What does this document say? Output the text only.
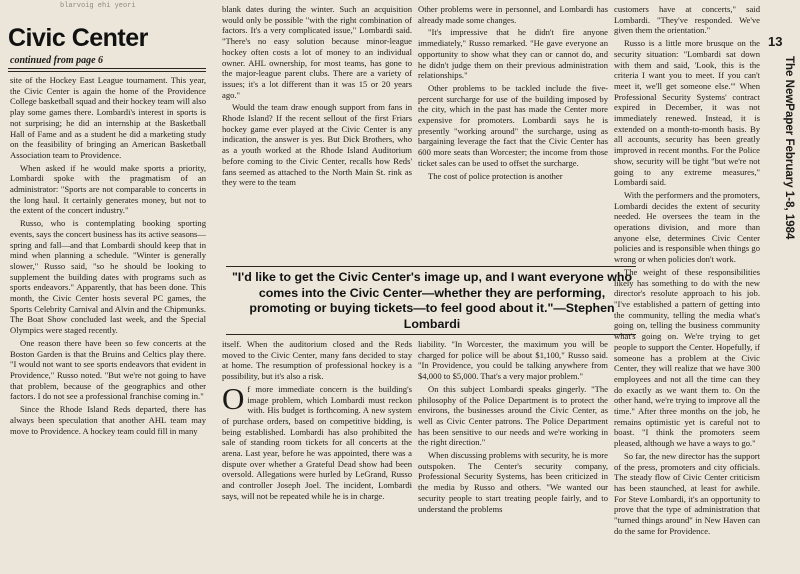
blarvoig ehi yeori
Civic Center
continued from page 6

site of the Hockey East League tournament. This year, the Civic Center is again the home of the Providence College basketball squad and their hockey team will also play some games there. Lombardi's interest in sports is not surprising; he did an internship at the Basketball Hall of Fame and as a student he did a marketing study on the feasibility of bringing an American Basketball Association team to Providence.

When asked if he would make sports a priority, Lombardi spoke with the pragmatism of an administrator: "Sports are not comparable to concerts in the long haul. It certainly generates money, but not to the extent of the concert industry."

Russo, who is contemplating booking sporting events, says the concert business has its active seasons—spring and fall—and that Lombardi should keep that in mind when planning a schedule. "Winter is generally slower," Russo said, "so he should be looking to supplement the building dates with programs such as sports endeavors." Apparently, that has been done. This month, the Civic Center hosts several PC games, the Sports Celebrity Carnival and Alvin and the Chipmunks. The Boat Show concluded last week, and the Special Olympics were staged recently.

One reason there have been so few concerts at the Boston Garden is that the Bruins and Celtics play there. "I would not want to see sports endeavors that evident in Providence," Russo noted. "But we're not going to have that problem, because of the geographics and other factors. I do not see a professional franchise coming in."

Since the Rhode Island Reds departed, there has always been speculation that another AHL team may move to Providence. A hockey team could fill in many

blank dates during the winter. Such an acquisition would only be possible "with the right combination of factors. It's a very complicated issue," Lombardi said. "There's no easy solution because minor-league hockey often costs a lot of money to an individual owner. AHL ownership, for most teams, has gone to the major-league parent clubs. There are a variety of issues; it's a lot different than it was 15 or 20 years ago."

Would the team draw enough support from fans in Rhode Island? If the recent sellout of the first Friars hockey game ever played at the Civic Center is any indication, the answer is yes. But Dick Brothers, who as a youth worked at the Rhode Island Auditorium before coming to the Civic Center, recalls how Reds' fans seemed as attached to the North Main St. rink as they were to the team

Other problems were in personnel, and Lombardi has already made some changes.

"It's impressive that he didn't fire anyone immediately," Russo remarked. "He gave everyone an opportunity to show what they can or cannot do, and he didn't judge them on their previous administration relationships."

Other problems to be tackled include the five-percent surcharge for use of the building imposed by the city, which in the past has made the Center more expensive for promoters. Lombardi says he is presently "working around" the surcharge, using as bargaining leverage the fact that the Civic Center has 600 more seats than Worcester; the income from those ticket sales can be used to offset the surcharge.

The cost of police protection is another

"I'd like to get the Civic Center's image up, and I want everyone who comes into the Civic Center—whether they are performing, promoting or buying tickets—to feel good about it."—Stephen Lombardi

itself. When the auditorium closed and the Reds moved to the Civic Center, many fans decided to stay at home. The resumption of professional hockey is a possibility, but it's also a risk.

Of more immediate concern is the building's image problem, which Lombardi must reckon with. His budget is forthcoming. A new system of purchase orders, based on competitive bidding, is being established. Lombardi has also prohibited the sale of standing room tickets for all concerts at the arena. Last year, before he was appointed, there was a dispute over whether a Grateful Dead show had been oversold. Allegations were hurled by LeGrand, Russo and controller Joseph Joel. The incident, Lombardi says, will not be repeated while he is in charge.

liability. "In Worcester, the maximum you will be charged for police will be about $1,100," Russo said. "In Providence, you could be talking anywhere from $4,000 to $5,000. That's a very major problem."

On this subject Lombardi speaks gingerly. "The philosophy of the Police Department is to protect the environs, the businesses around the Civic Center, as well as Civic Center patrons. The Police Department has been sensitive to our needs and we're working in the right direction."

When discussing problems with security, he is more outspoken. The Center's security company, Professional Security Systems, has been criticized in the media by Russo and others. "We wanted our security people to start treating people fairly, and to understand the problems

customers have at concerts," said Lombardi. "They've responded. We've given them the orientation."

Russo is a little more brusque on the security situation: "Lombardi sat down with them and said, 'Look, this is the criteria I want you to meet. If you can't meet it, we'll get someone else.'" When Professional Security Systems' contract expired in December, it was not immediately renewed. Instead, it is extended on a month-to-month basis. By all accounts, security has been greatly improved in recent months. For the Police show, security will be tight "but we're not going to any extreme measures," Lombardi said.

With the performers and the promoters, Lombardi decides the extent of security needed. He oversees the team in the operations division, and more than anyone else, determines Civic Center policies and is responsible when things go wrong or when policies don't work.

The weight of these responsibilities likely has something to do with the new director's resolute approach to his job. "I've established a pattern of getting into the community, telling the media what's going on, telling the business community what's going on. We're trying to get people to support the Center. Hopefully, if someone has a problem at the Civic Center, they will realize that we have 300 employees and not all the time can they do exactly as we want them to. On the other hand, we're trying to improve all the time." After three months on the job, he remains optimistic yet is careful not to boast. "I think the promoters seem pleased, although we have a ways to go."

So far, the new director has the support of the press, promoters and city officials. The steady flow of Civic Center criticism has been staunched, at least for awhile. For Steve Lombardi, it's an opportunity to prove that the type of administration that "turned things around" in New Haven can do the same for Providence.

13
The NewPaper February 1-8, 1984
